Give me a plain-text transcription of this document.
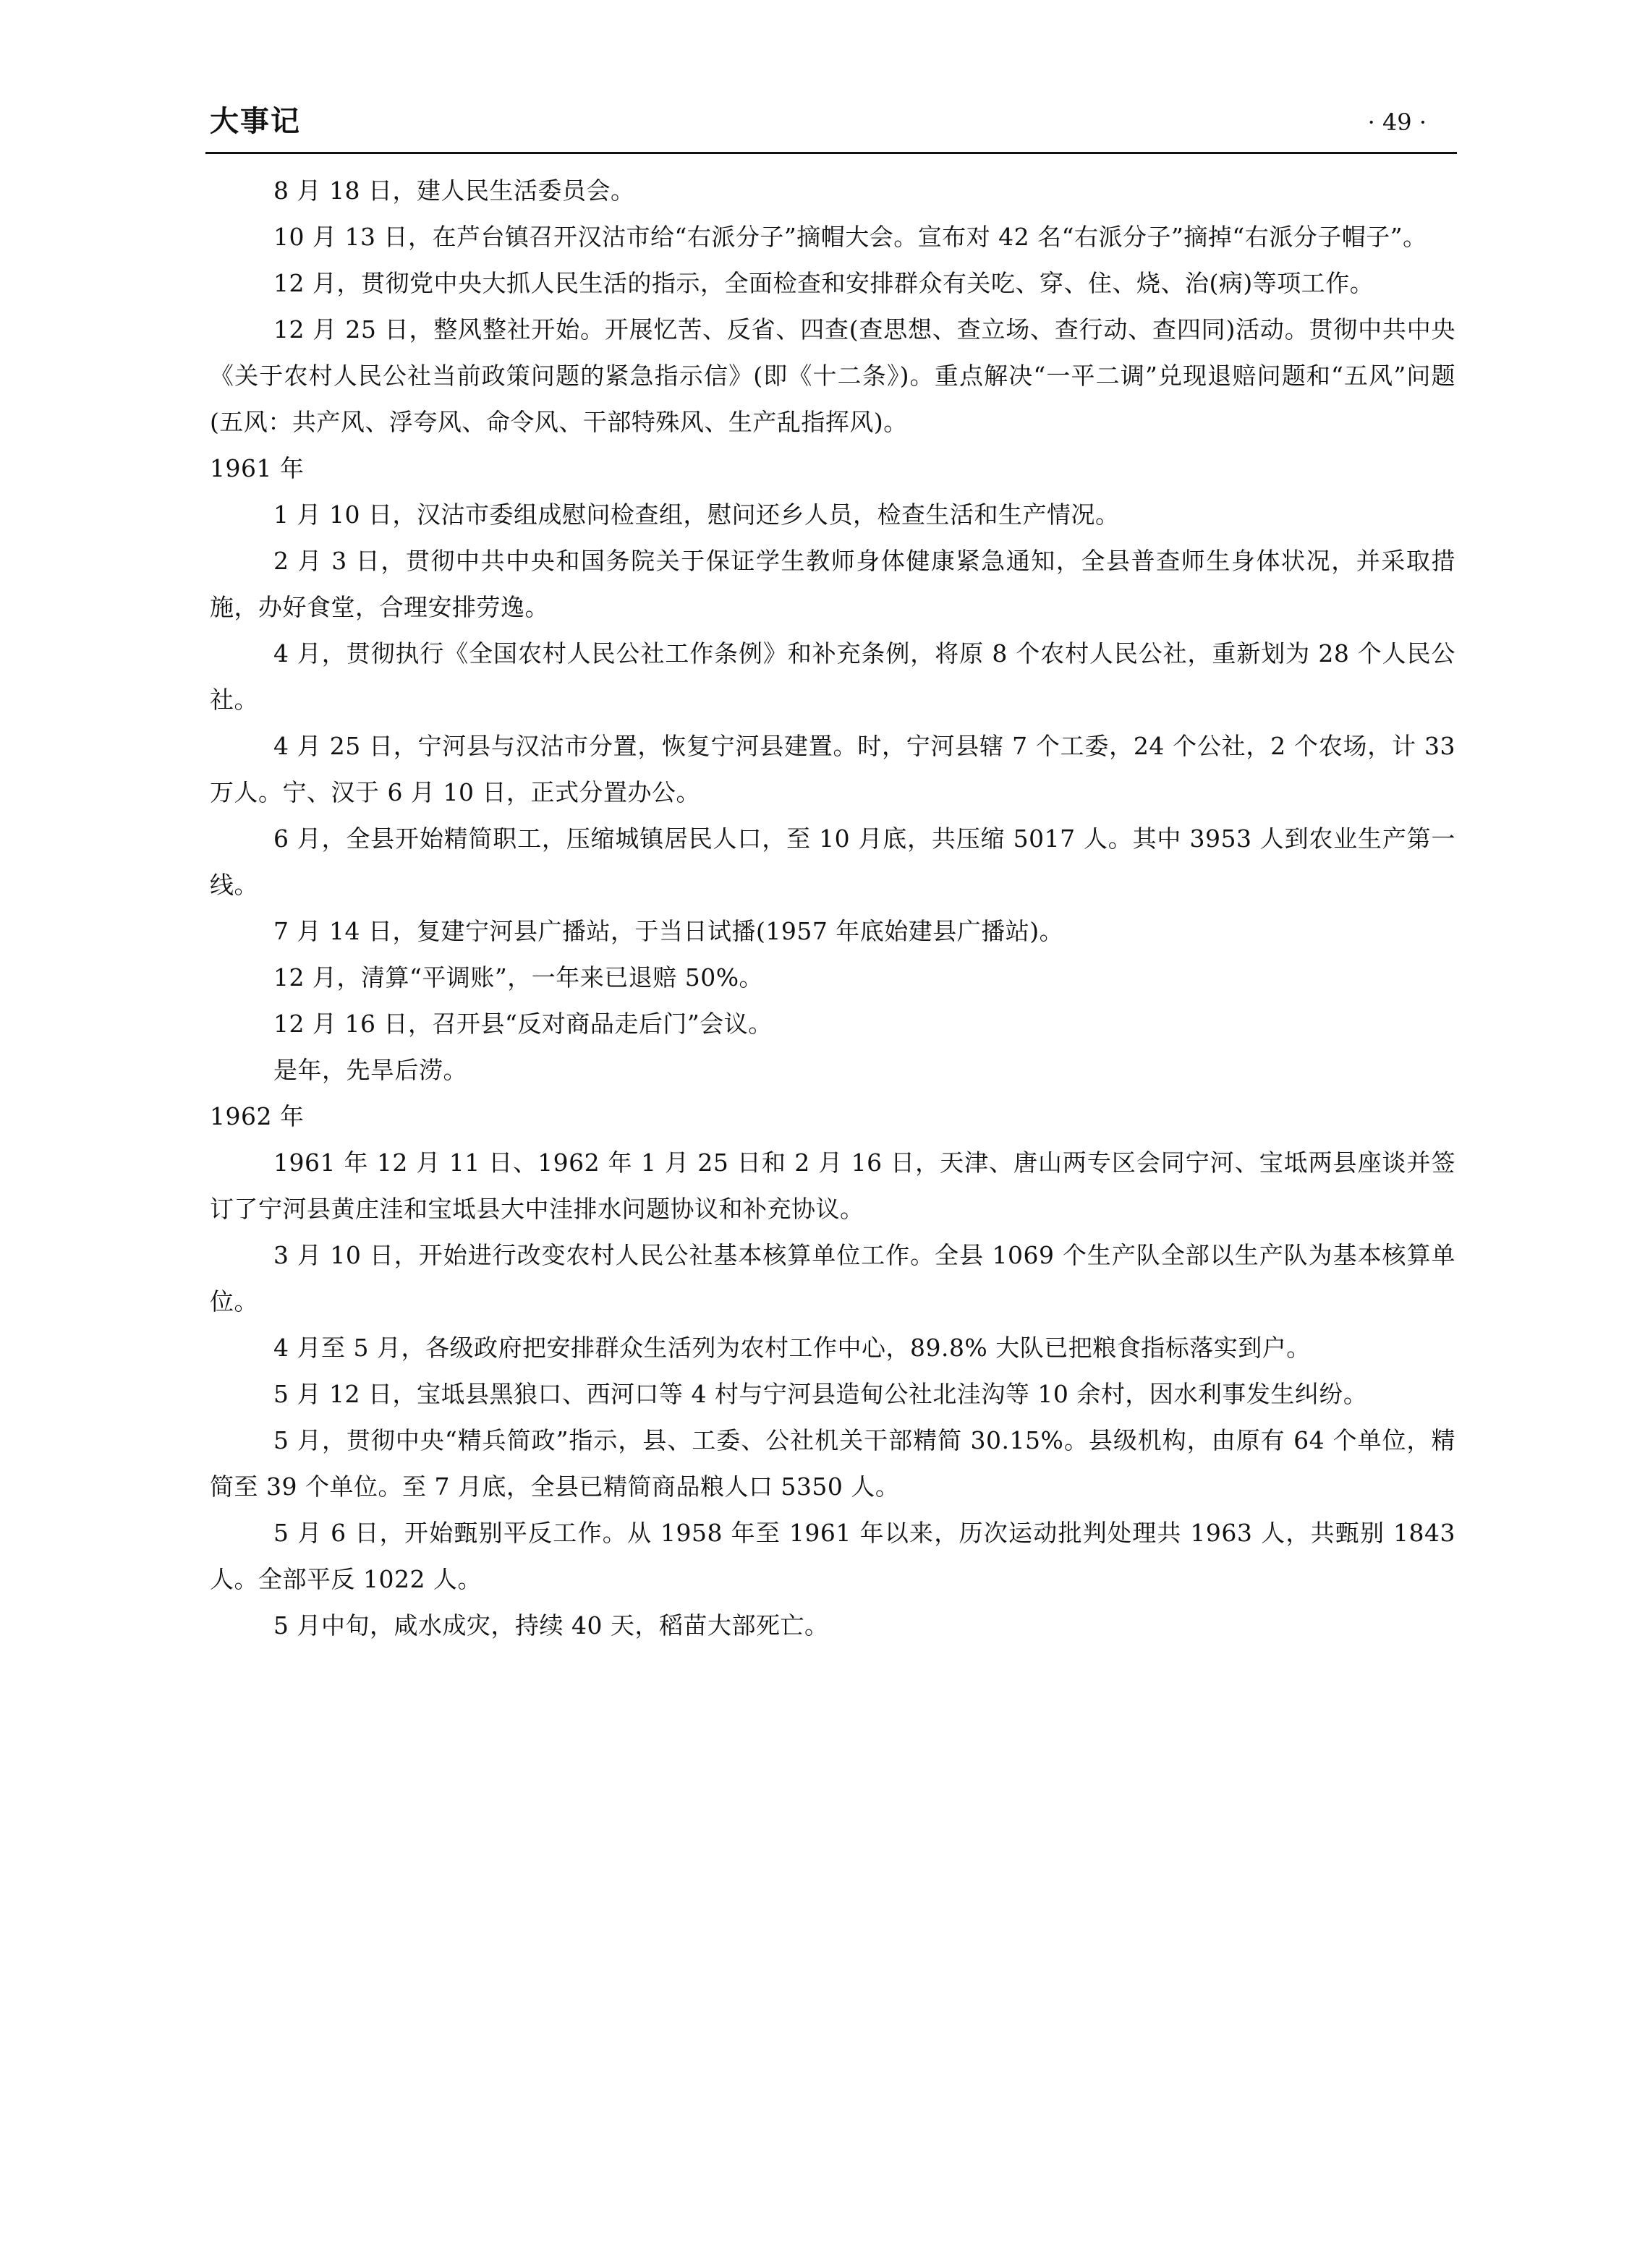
大事记	· 49 ·

8 月 18 日，建人民生活委员会。

10 月 13 日，在芦台镇召开汉沽市给“右派分子”摘帽大会。宣布对 42 名“右派分子”摘掉“右派分子帽子”。

12 月，贯彻党中央大抓人民生活的指示，全面检查和安排群众有关吃、穿、住、烧、治(病)等项工作。

12 月 25 日，整风整社开始。开展忆苦、反省、四查(查思想、查立场、查行动、查四同)活动。贯彻中共中央《关于农村人民公社当前政策问题的紧急指示信》(即《十二条》)。重点解决“一平二调”兑现退赔问题和“五风”问题(五风：共产风、浮夸风、命令风、干部特殊风、生产乱指挥风)。

1961 年

1 月 10 日，汉沽市委组成慰问检查组，慰问还乡人员，检查生活和生产情况。

2 月 3 日，贯彻中共中央和国务院关于保证学生教师身体健康紧急通知，全县普查师生身体状况，并采取措施，办好食堂，合理安排劳逸。

4 月，贯彻执行《全国农村人民公社工作条例》和补充条例，将原 8 个农村人民公社，重新划为 28 个人民公社。

4 月 25 日，宁河县与汉沽市分置，恢复宁河县建置。时，宁河县辖 7 个工委，24 个公社，2 个农场，计 33 万人。宁、汉于 6 月 10 日，正式分置办公。

6 月，全县开始精简职工，压缩城镇居民人口，至 10 月底，共压缩 5017 人。其中 3953 人到农业生产第一线。

7 月 14 日，复建宁河县广播站，于当日试播(1957 年底始建县广播站)。

12 月，清算“平调账”，一年来已退赔 50%。

12 月 16 日，召开县“反对商品走后门”会议。

是年，先旱后涝。

1962 年

1961 年 12 月 11 日、1962 年 1 月 25 日和 2 月 16 日，天津、唐山两专区会同宁河、宝坻两县座谈并签订了宁河县黄庄洼和宝坻县大中洼排水问题协议和补充协议。

3 月 10 日，开始进行改变农村人民公社基本核算单位工作。全县 1069 个生产队全部以生产队为基本核算单位。

4 月至 5 月，各级政府把安排群众生活列为农村工作中心，89.8% 大队已把粮食指标落实到户。

5 月 12 日，宝坻县黑狼口、西河口等 4 村与宁河县造甸公社北洼沟等 10 余村，因水利事发生纠纷。

5 月，贯彻中央“精兵简政”指示，县、工委、公社机关干部精简 30.15%。县级机构，由原有 64 个单位，精简至 39 个单位。至 7 月底，全县已精简商品粮人口 5350 人。

5 月 6 日，开始甄别平反工作。从 1958 年至 1961 年以来，历次运动批判处理共 1963 人，共甄别 1843 人。全部平反 1022 人。

5 月中旬，咸水成灾，持续 40 天，稻苗大部死亡。
